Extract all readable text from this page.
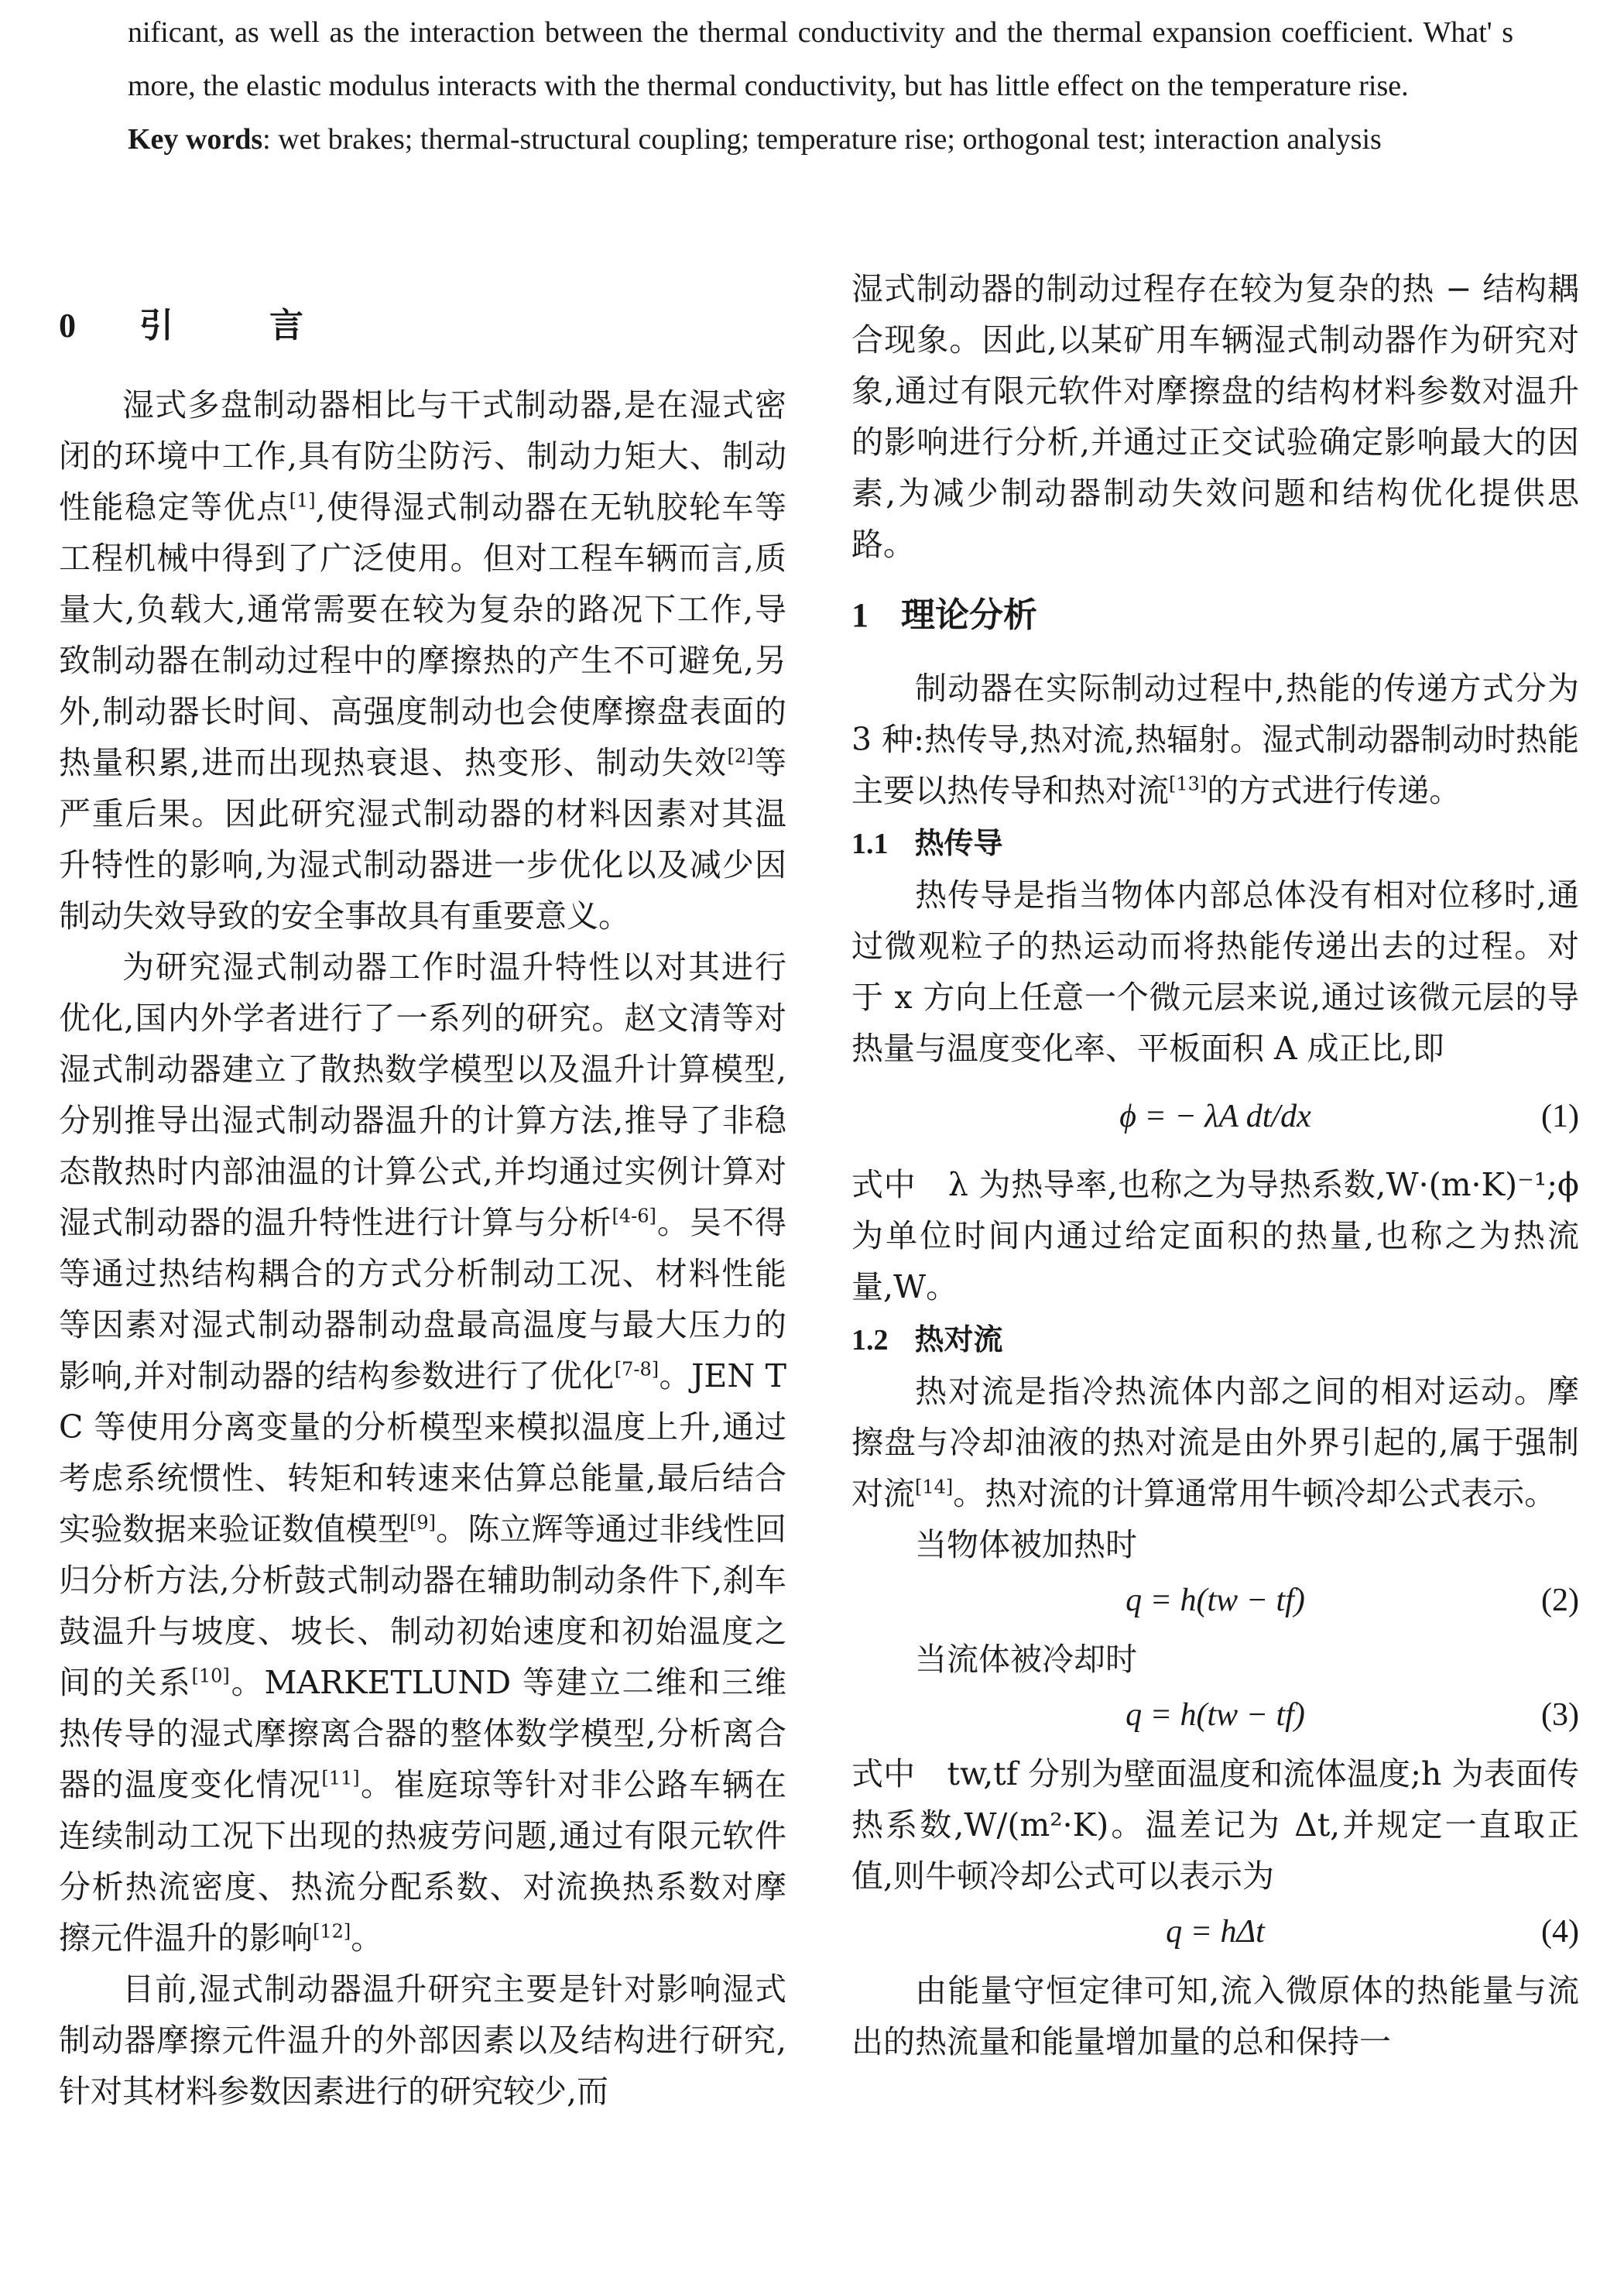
nificant, as well as the interaction between the thermal conductivity and the thermal expansion coefficient. What' s more, the elastic modulus interacts with the thermal conductivity, but has little effect on the temperature rise.

Key words: wet brakes; thermal-structural coupling; temperature rise; orthogonal test; interaction analysis

0 引　言

湿式多盘制动器相比与干式制动器,是在湿式密闭的环境中工作,具有防尘防污、制动力矩大、制动性能稳定等优点[1],使得湿式制动器在无轨胶轮车等工程机械中得到了广泛使用。但对工程车辆而言,质量大,负载大,通常需要在较为复杂的路况下工作,导致制动器在制动过程中的摩擦热的产生不可避免,另外,制动器长时间、高强度制动也会使摩擦盘表面的热量积累,进而出现热衰退、热变形、制动失效[2]等严重后果。因此研究湿式制动器的材料因素对其温升特性的影响,为湿式制动器进一步优化以及减少因制动失效导致的安全事故具有重要意义。

为研究湿式制动器工作时温升特性以对其进行优化,国内外学者进行了一系列的研究。赵文清等对湿式制动器建立了散热数学模型以及温升计算模型,分别推导出湿式制动器温升的计算方法,推导了非稳态散热时内部油温的计算公式,并均通过实例计算对湿式制动器的温升特性进行计算与分析[4-6]。吴不得等通过热结构耦合的方式分析制动工况、材料性能等因素对湿式制动器制动盘最高温度与最大压力的影响,并对制动器的结构参数进行了优化[7-8]。JEN T C 等使用分离变量的分析模型来模拟温度上升,通过考虑系统惯性、转矩和转速来估算总能量,最后结合实验数据来验证数值模型[9]。陈立辉等通过非线性回归分析方法,分析鼓式制动器在辅助制动条件下,刹车鼓温升与坡度、坡长、制动初始速度和初始温度之间的关系[10]。MARKETLUND 等建立二维和三维热传导的湿式摩擦离合器的整体数学模型,分析离合器的温度变化情况[11]。崔庭琼等针对非公路车辆在连续制动工况下出现的热疲劳问题,通过有限元软件分析热流密度、热流分配系数、对流换热系数对摩擦元件温升的影响[12]。

目前,湿式制动器温升研究主要是针对影响湿式制动器摩擦元件温升的外部因素以及结构进行研究,针对其材料参数因素进行的研究较少,而

湿式制动器的制动过程存在较为复杂的热 − 结构耦合现象。因此,以某矿用车辆湿式制动器作为研究对象,通过有限元软件对摩擦盘的结构材料参数对温升的影响进行分析,并通过正交试验确定影响最大的因素,为减少制动器制动失效问题和结构优化提供思路。

1 理论分析

制动器在实际制动过程中,热能的传递方式分为3 种:热传导,热对流,热辐射。湿式制动器制动时热能主要以热传导和热对流[13]的方式进行传递。

1.1 热传导

热传导是指当物体内部总体没有相对位移时,通过微观粒子的热运动而将热能传递出去的过程。对于 x 方向上任意一个微元层来说,通过该微元层的导热量与温度变化率、平板面积 A 成正比,即

ϕ = − λA dt/dx	(1)

式中　λ 为热导率,也称之为导热系数,W·(m·K)⁻¹;ϕ 为单位时间内通过给定面积的热量,也称之为热流量,W。

1.2 热对流

热对流是指冷热流体内部之间的相对运动。摩擦盘与冷却油液的热对流是由外界引起的,属于强制对流[14]。热对流的计算通常用牛顿冷却公式表示。

当物体被加热时

q = h(tw − tf)	(2)

当流体被冷却时

q = h(tw − tf)	(3)

式中　tw,tf 分别为壁面温度和流体温度;h 为表面传热系数,W/(m²·K)。温差记为 Δt,并规定一直取正值,则牛顿冷却公式可以表示为

q = hΔt	(4)

由能量守恒定律可知,流入微原体的热能量与流出的热流量和能量增加量的总和保持一
